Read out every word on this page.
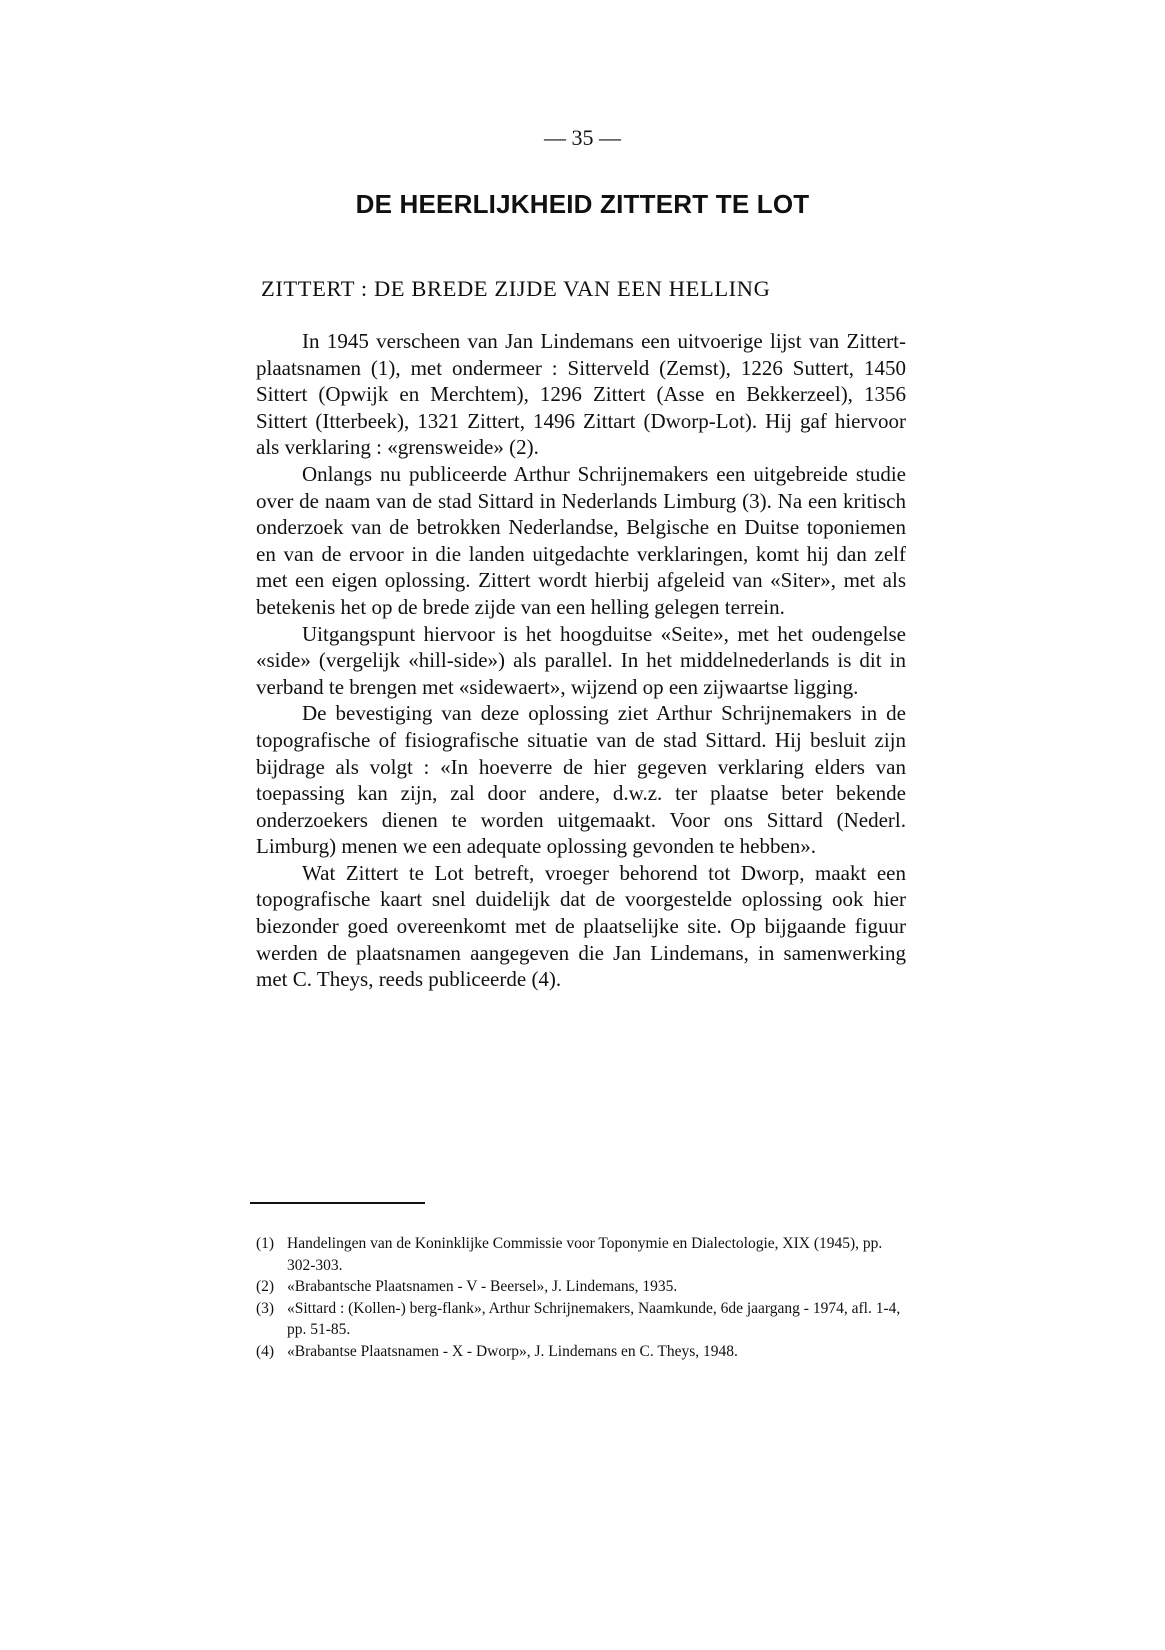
— 35 —
DE HEERLIJKHEID ZITTERT TE LOT
ZITTERT : DE BREDE ZIJDE VAN EEN HELLING

In 1945 verscheen van Jan Lindemans een uitvoerige lijst van Zittert-plaatsnamen (1), met ondermeer : Sitterveld (Zemst), 1226 Suttert, 1450 Sittert (Opwijk en Merchtem), 1296 Zittert (Asse en Bekkerzeel), 1356 Sittert (Itterbeek), 1321 Zittert, 1496 Zittart (Dworp-Lot). Hij gaf hiervoor als verklaring : «grensweide» (2).

Onlangs nu publiceerde Arthur Schrijnemakers een uitgebreide studie over de naam van de stad Sittard in Nederlands Limburg (3). Na een kritisch onderzoek van de betrokken Nederlandse, Belgische en Duitse toponiemen en van de ervoor in die landen uitgedachte verklaringen, komt hij dan zelf met een eigen oplossing. Zittert wordt hierbij afgeleid van «Siter», met als betekenis het op de brede zijde van een helling gelegen terrein.

Uitgangspunt hiervoor is het hoogduitse «Seite», met het oudengelse «side» (vergelijk «hill-side») als parallel. In het middelnederlands is dit in verband te brengen met «sidewaert», wijzend op een zijwaartse ligging.

De bevestiging van deze oplossing ziet Arthur Schrijnemakers in de topografische of fisiografische situatie van de stad Sittard. Hij besluit zijn bijdrage als volgt : «In hoeverre de hier gegeven verklaring elders van toepassing kan zijn, zal door andere, d.w.z. ter plaatse beter bekende onderzoekers dienen te worden uitgemaakt. Voor ons Sittard (Nederl. Limburg) menen we een adequate oplossing gevonden te hebben».

Wat Zittert te Lot betreft, vroeger behorend tot Dworp, maakt een topografische kaart snel duidelijk dat de voorgestelde oplossing ook hier biezonder goed overeenkomt met de plaatselijke site. Op bijgaande figuur werden de plaatsnamen aangegeven die Jan Lindemans, in samenwerking met C. Theys, reeds publiceerde (4).

(1) Handelingen van de Koninklijke Commissie voor Toponymie en Dialectologie, XIX (1945), pp. 302-303.
(2) «Brabantsche Plaatsnamen - V - Beersel», J. Lindemans, 1935.
(3) «Sittard : (Kollen-) berg-flank», Arthur Schrijnemakers, Naamkunde, 6de jaargang - 1974, afl. 1-4, pp. 51-85.
(4) «Brabantse Plaatsnamen - X - Dworp», J. Lindemans en C. Theys, 1948.
